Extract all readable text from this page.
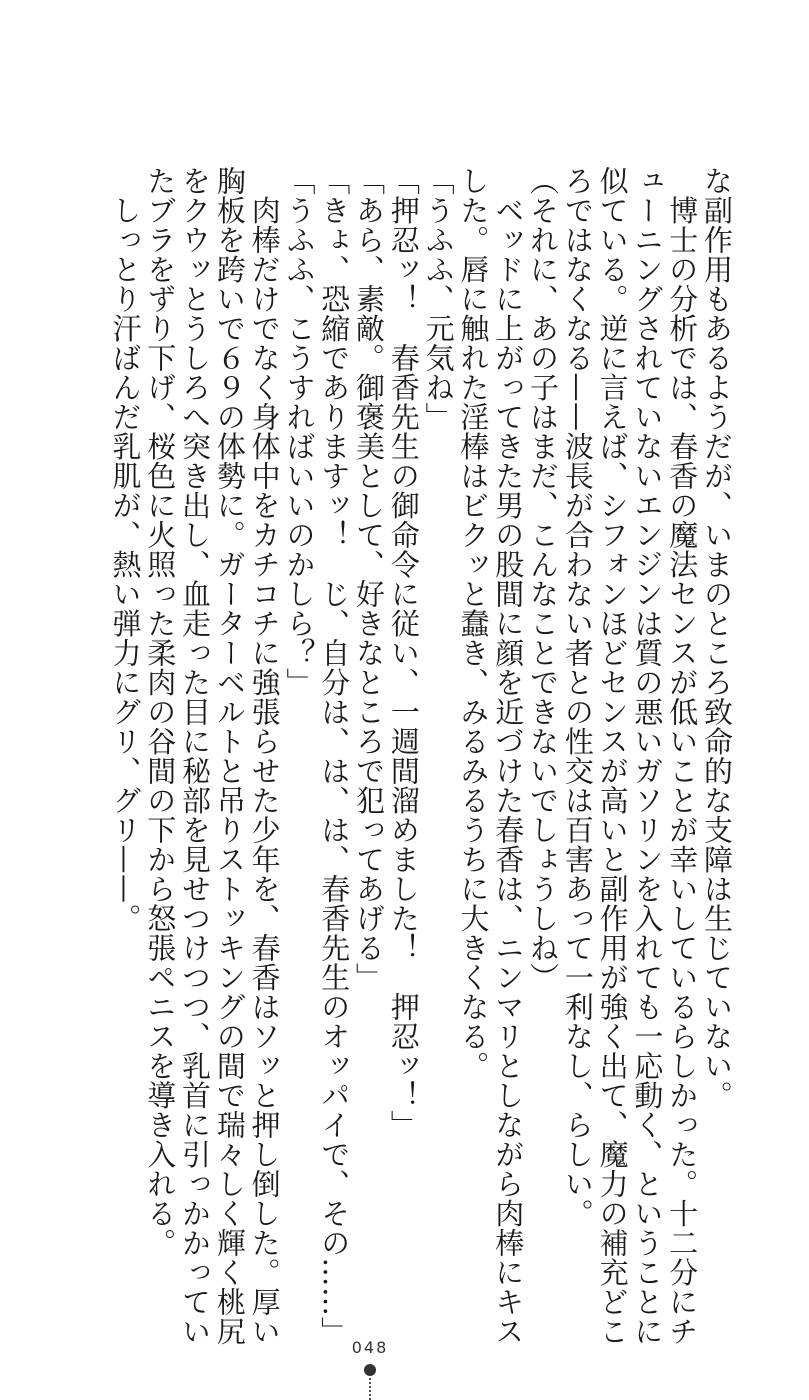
な副作用もあるようだが、いまのところ致命的な支障は生じていない。
　博士の分析では、春香の魔法センスが低いことが幸いしているらしかった。十二分にチ
ューニングされていないエンジンは質の悪いガソリンを入れても一応動く、ということに
似ている。逆に言えば、シフォンほどセンスが高いと副作用が強く出て、魔力の補充どこ
ろではなくなる——波長が合わない者との性交は百害あって一利なし、らしい。
（それに、あの子はまだ、こんなことできないでしょうしね）
　ベッドに上がってきた男の股間に顔を近づけた春香は、ニンマリとしながら肉棒にキス
した。唇に触れた淫棒はビクッと蠢き、みるみるうちに大きくなる。
「うふふ、元気ね」
「押忍ッ！　春香先生の御命令に従い、一週間溜めました！　押忍ッ！」
「あら、素敵。御褒美として、好きなところで犯ってあげる」
「きょ、恐縮でありますッ！　じ、自分は、は、は、春香先生のオッパイで、その……」
「うふふ、こうすればいいのかしら？」
　肉棒だけでなく身体中をカチコチに強張らせた少年を、春香はソッと押し倒した。厚い
胸板を跨いで６９の体勢に。ガーターベルトと吊りストッキングの間で瑞々しく輝く桃尻
をクウッとうしろへ突き出し、血走った目に秘部を見せつけつつ、乳首に引っかかってい
たブラをずり下げ、桜色に火照った柔肉の谷間の下から怒張ペニスを導き入れる。
　しっとり汗ばんだ乳肌が、熱い弾力にグリ、グリ——。
048
